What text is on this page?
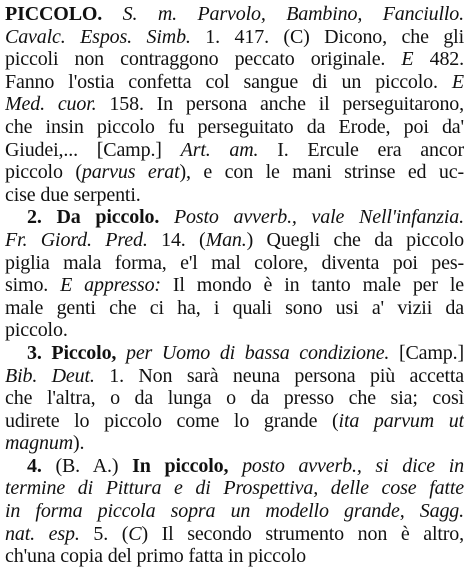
PICCOLO. S. m. Parvolo, Bambino, Fanciullo.
Cavalc. Espos. Simb. 1. 417. (C) Dicono, che gli
piccoli non contraggono peccato originale. E 482.
Fanno l'ostia confetta col sangue di un piccolo. E
Med. cuor. 158. In persona anche il perseguitarono,
che insin piccolo fu perseguitato da Erode, poi da'
Giudei,... [Camp.] Art. am. I. Ercule era ancor
piccolo (parvus erat), e con le mani strinse ed uc-
cise due serpenti.
2. Da piccolo. Posto avverb., vale Nell'infanzia.
Fr. Giord. Pred. 14. (Man.) Quegli che da piccolo
piglia mala forma, e'l mal colore, diventa poi pes-
simo. E appresso: Il mondo è in tanto male per le
male genti che ci ha, i quali sono usi a' vizii da
piccolo.
3. Piccolo, per Uomo di bassa condizione. [Camp.]
Bib. Deut. 1. Non sarà neuna persona più accetta
che l'altra, o da lunga o da presso che sia; così
udirete lo piccolo come lo grande (ita parvum ut
magnum).
4. (B. A.) In piccolo, posto avverb., si dice in
termine di Pittura e di Prospettiva, delle cose fatte
in forma piccola sopra un modello grande, Sagg.
nat. esp. 5. (C) Il secondo strumento non è altro,
ch'una copia del primo fatta in piccolo
